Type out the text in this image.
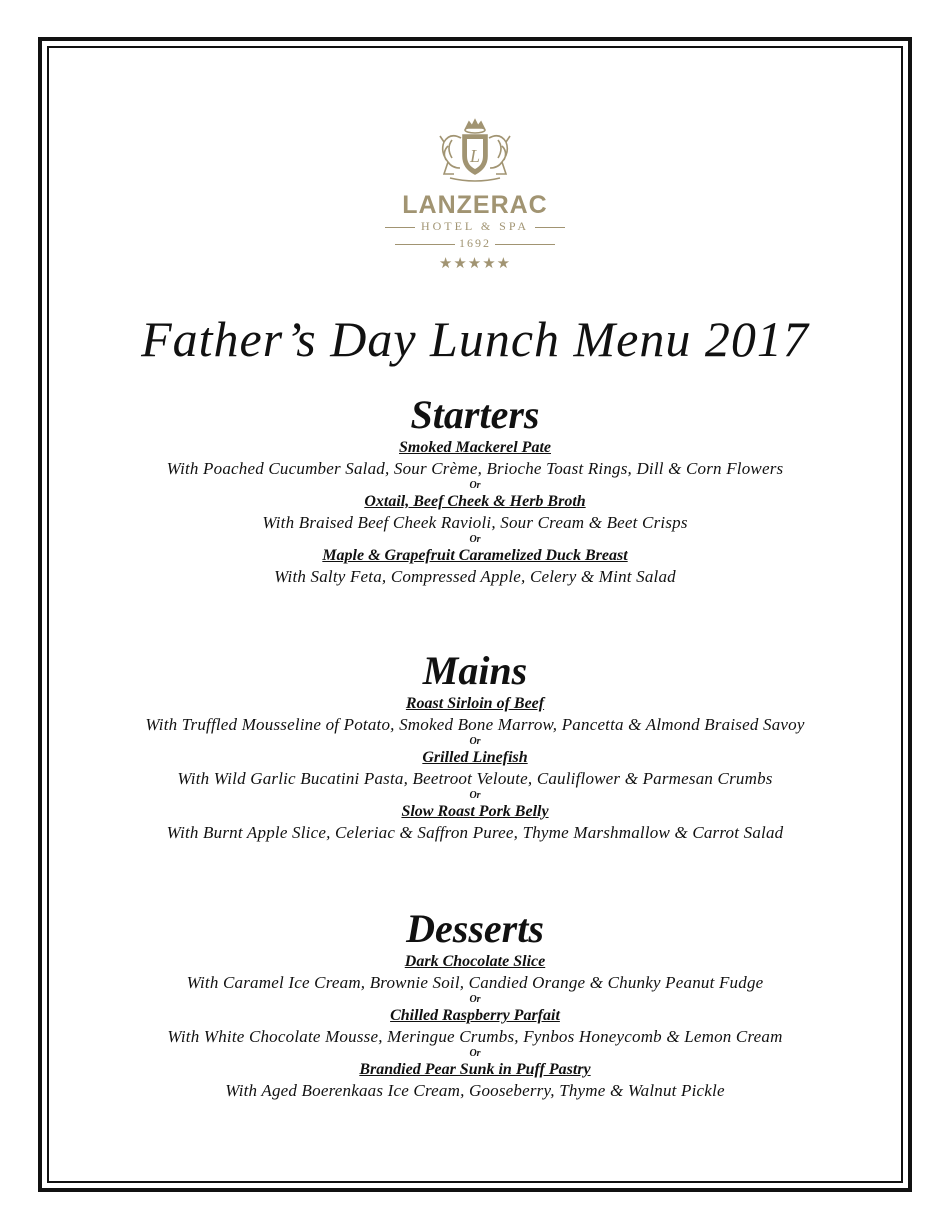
L
LANZERAC
HOTEL & SPA
1692
★★★★★
Father’s Day Lunch Menu 2017
Starters
Smoked Mackerel Pate
With Poached Cucumber Salad, Sour Crème, Brioche Toast Rings, Dill & Corn Flowers
Or
Oxtail, Beef Cheek & Herb Broth
With Braised Beef Cheek Ravioli, Sour Cream & Beet Crisps
Or
Maple & Grapefruit Caramelized Duck Breast
With Salty Feta, Compressed Apple, Celery & Mint Salad
Mains
Roast Sirloin of Beef
With Truffled Mousseline of Potato, Smoked Bone Marrow, Pancetta & Almond Braised Savoy
Or
Grilled Linefish
With Wild Garlic Bucatini Pasta, Beetroot Veloute, Cauliflower & Parmesan Crumbs
Or
Slow Roast Pork Belly
With Burnt Apple Slice, Celeriac & Saffron Puree, Thyme Marshmallow & Carrot Salad
Desserts
Dark Chocolate Slice
With Caramel Ice Cream, Brownie Soil, Candied Orange & Chunky Peanut Fudge
Or
Chilled Raspberry Parfait
With White Chocolate Mousse, Meringue Crumbs, Fynbos Honeycomb & Lemon Cream
Or
Brandied Pear Sunk in Puff Pastry
With Aged Boerenkaas Ice Cream, Gooseberry, Thyme & Walnut Pickle
